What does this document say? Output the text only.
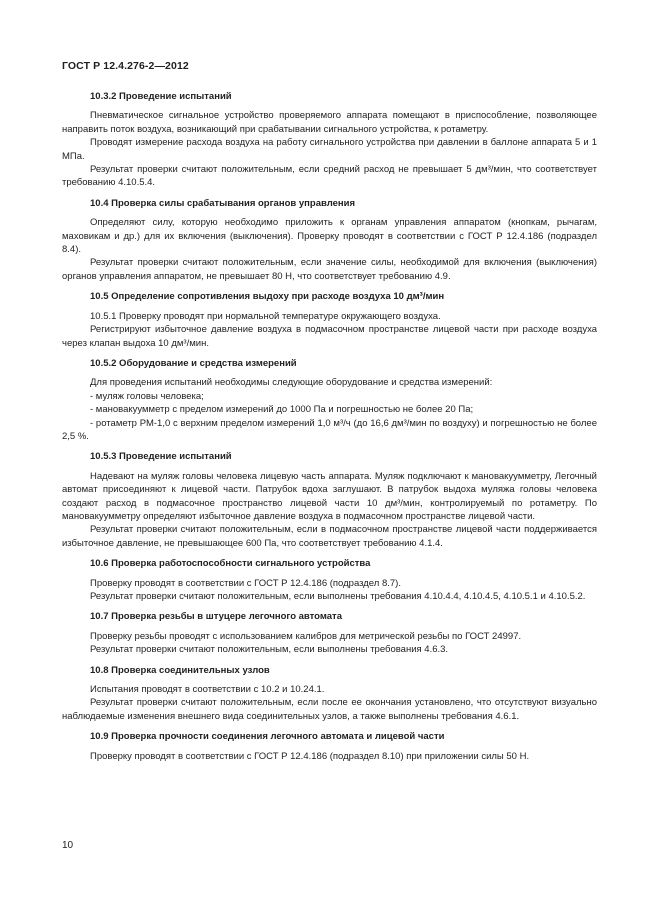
ГОСТ Р 12.4.276-2—2012
10.3.2 Проведение испытаний
Пневматическое сигнальное устройство проверяемого аппарата помещают в приспособление, позволяющее направить поток воздуха, возникающий при срабатывании сигнального устройства, к ротаметру.
Проводят измерение расхода воздуха на работу сигнального устройства при давлении в баллоне аппарата 5 и 1 МПа.
Результат проверки считают положительным, если средний расход не превышает 5 дм³/мин, что соответствует требованию 4.10.5.4.
10.4 Проверка силы срабатывания органов управления
Определяют силу, которую необходимо приложить к органам управления аппаратом (кнопкам, рычагам, маховикам и др.) для их включения (выключения). Проверку проводят в соответствии с ГОСТ Р 12.4.186 (подраздел 8.4).
Результат проверки считают положительным, если значение силы, необходимой для включения (выключения) органов управления аппаратом, не превышает 80 Н, что соответствует требованию 4.9.
10.5 Определение сопротивления выдоху при расходе воздуха 10 дм³/мин
10.5.1 Проверку проводят при нормальной температуре окружающего воздуха.
Регистрируют избыточное давление воздуха в подмасочном пространстве лицевой части при расходе воздуха через клапан выдоха 10 дм³/мин.
10.5.2 Оборудование и средства измерений
Для проведения испытаний необходимы следующие оборудование и средства измерений:
- муляж головы человека;
- мановакуумметр с пределом измерений до 1000 Па и погрешностью не более 20 Па;
- ротаметр РМ-1,0 с верхним пределом измерений 1,0 м³/ч (до 16,6 дм³/мин по воздуху) и погрешностью не более 2,5 %.
10.5.3 Проведение испытаний
Надевают на муляж головы человека лицевую часть аппарата. Муляж подключают к мановакуумметру, Легочный автомат присоединяют к лицевой части. Патрубок вдоха заглушают. В патрубок выдоха муляжа головы человека создают расход в подмасочное пространство лицевой части 10 дм³/мин, контролируемый по ротаметру. По мановакуумметру определяют избыточное давление воздуха в подмасочном пространстве лицевой части.
Результат проверки считают положительным, если в подмасочном пространстве лицевой части поддерживается избыточное давление, не превышающее 600 Па, что соответствует требованию 4.1.4.
10.6 Проверка работоспособности сигнального устройства
Проверку проводят в соответствии с ГОСТ Р 12.4.186 (подраздел 8.7).
Результат проверки считают положительным, если выполнены требования 4.10.4.4, 4.10.4.5, 4.10.5.1 и 4.10.5.2.
10.7 Проверка резьбы в штуцере легочного автомата
Проверку резьбы проводят с использованием калибров для метрической резьбы по ГОСТ 24997.
Результат проверки считают положительным, если выполнены требования 4.6.3.
10.8 Проверка соединительных узлов
Испытания проводят в соответствии с 10.2 и 10.24.1.
Результат проверки считают положительным, если после ее окончания установлено, что отсутствуют визуально наблюдаемые изменения внешнего вида соединительных узлов, а также выполнены требования 4.6.1.
10.9 Проверка прочности соединения легочного автомата и лицевой части
Проверку проводят в соответствии с ГОСТ Р 12.4.186 (подраздел 8.10) при приложении силы 50 Н.
10
